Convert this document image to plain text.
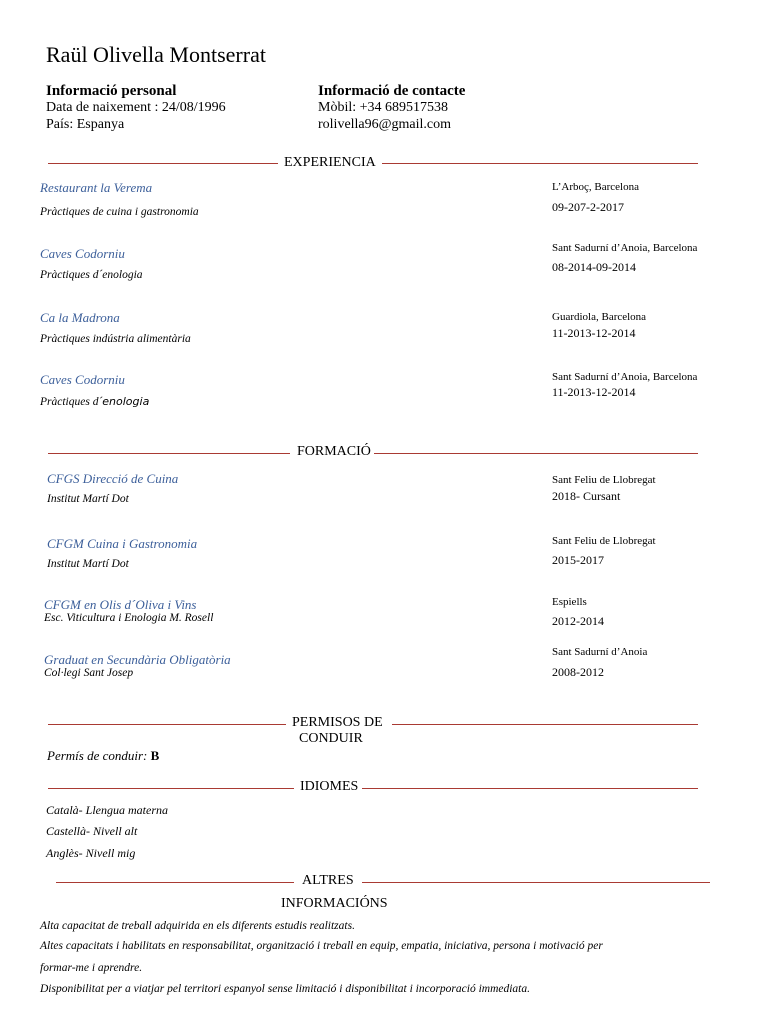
Raül Olivella Montserrat
Informació personal
Data de naixement : 24/08/1996
País: Espanya
Informació de contacte
Mòbil: +34 689517538
rolivella96@gmail.com
EXPERIENCIA
Restaurant la Verema
Pràctiques de cuina i gastronomia
L’Arboç, Barcelona
09-207-2-2017
Caves Codorniu
Pràctiques d´enologia
Sant Sadurní d’Anoia, Barcelona
08-2014-09-2014
Ca la Madrona
Pràctiques indústria alimentària
Guardiola, Barcelona
11-2013-12-2014
Caves Codorniu
Pràctiques d´enologia
Sant Sadurní d’Anoia, Barcelona
11-2013-12-2014
FORMACIÓ
CFGS Direcció de Cuina
Institut Martí Dot
Sant Feliu de Llobregat
2018- Cursant
CFGM Cuina i Gastronomia
Institut Martí Dot
Sant Feliu de Llobregat
2015-2017
CFGM en Olis d´Oliva i Vins
Esc. Viticultura i Enologia M. Rosell
Espiells
2012-2014
Graduat en Secundària Obligatòria
Col·legi Sant Josep
Sant Sadurní d’Anoia
2008-2012
PERMISOS DE
CONDUIR
Permís de conduir: B
IDIOMES
Català- Llengua materna
Castellà- Nivell alt
Anglès- Nivell mig
ALTRES
INFORMACIÓNS
Alta capacitat de treball adquirida en els diferents estudis realitzats.
Altes capacitats i habilitats en responsabilitat, organització i treball en equip, empatia, iniciativa, persona i motivació per
formar-me i aprendre.
Disponibilitat per a viatjar pel territori espanyol sense limitació i disponibilitat i incorporació immediata.
